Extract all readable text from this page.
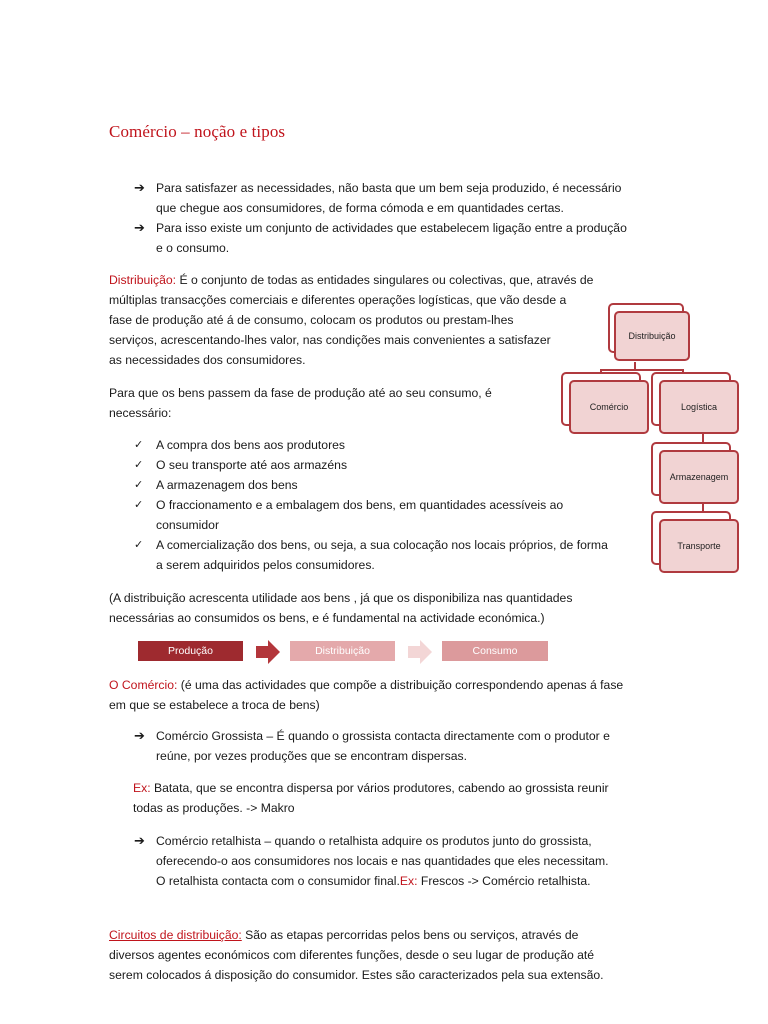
Comércio – noção e tipos
➔ Para satisfazer as necessidades, não basta que um bem seja produzido, é necessário
que chegue aos consumidores, de forma cómoda e em quantidades certas.
➔ Para isso existe um conjunto de actividades que estabelecem ligação entre a produção
e o consumo.
Distribuição: É o conjunto de todas as entidades singulares ou colectivas, que, através de
múltiplas transacções comerciais e diferentes operações logísticas, que vão desde a
fase de produção até á de consumo, colocam os produtos ou prestam-lhes
serviços, acrescentando-lhes valor, nas condições mais convenientes a satisfazer
as necessidades dos consumidores.
Para que os bens passem da fase de produção até ao seu consumo, é
necessário:
✓ A compra dos bens aos produtores
✓ O seu transporte até aos armazéns
✓ A armazenagem dos bens
✓ O fraccionamento e a embalagem dos bens, em quantidades acessíveis ao
consumidor
✓ A comercialização dos bens, ou seja, a sua colocação nos locais próprios, de forma
a serem adquiridos pelos consumidores.
(A distribuição acrescenta utilidade aos bens , já que os disponibiliza nas quantidades
necessárias ao consumidos os bens, e é fundamental na actividade económica.)
Produção	Distribuição	Consumo
O Comércio: (é uma das actividades que compõe a distribuição correspondendo apenas á fase
em que se estabelece a troca de bens)
➔ Comércio Grossista – É quando o grossista contacta directamente com o produtor e
reúne, por vezes produções que se encontram dispersas.
Ex: Batata, que se encontra dispersa por vários produtores, cabendo ao grossista reunir
todas as produções. -> Makro
➔ Comércio retalhista – quando o retalhista adquire os produtos junto do grossista,
oferecendo-o aos consumidores nos locais e nas quantidades que eles necessitam.
O retalhista contacta com o consumidor final.Ex: Frescos -> Comércio retalhista.
Circuitos de distribuição: São as etapas percorridas pelos bens ou serviços, através de
diversos agentes económicos com diferentes funções, desde o seu lugar de produção até
serem colocados á disposição do consumidor. Estes são caracterizados pela sua extensão.
Distribuição
Comércio	Logística
Armazenagem
Transporte
